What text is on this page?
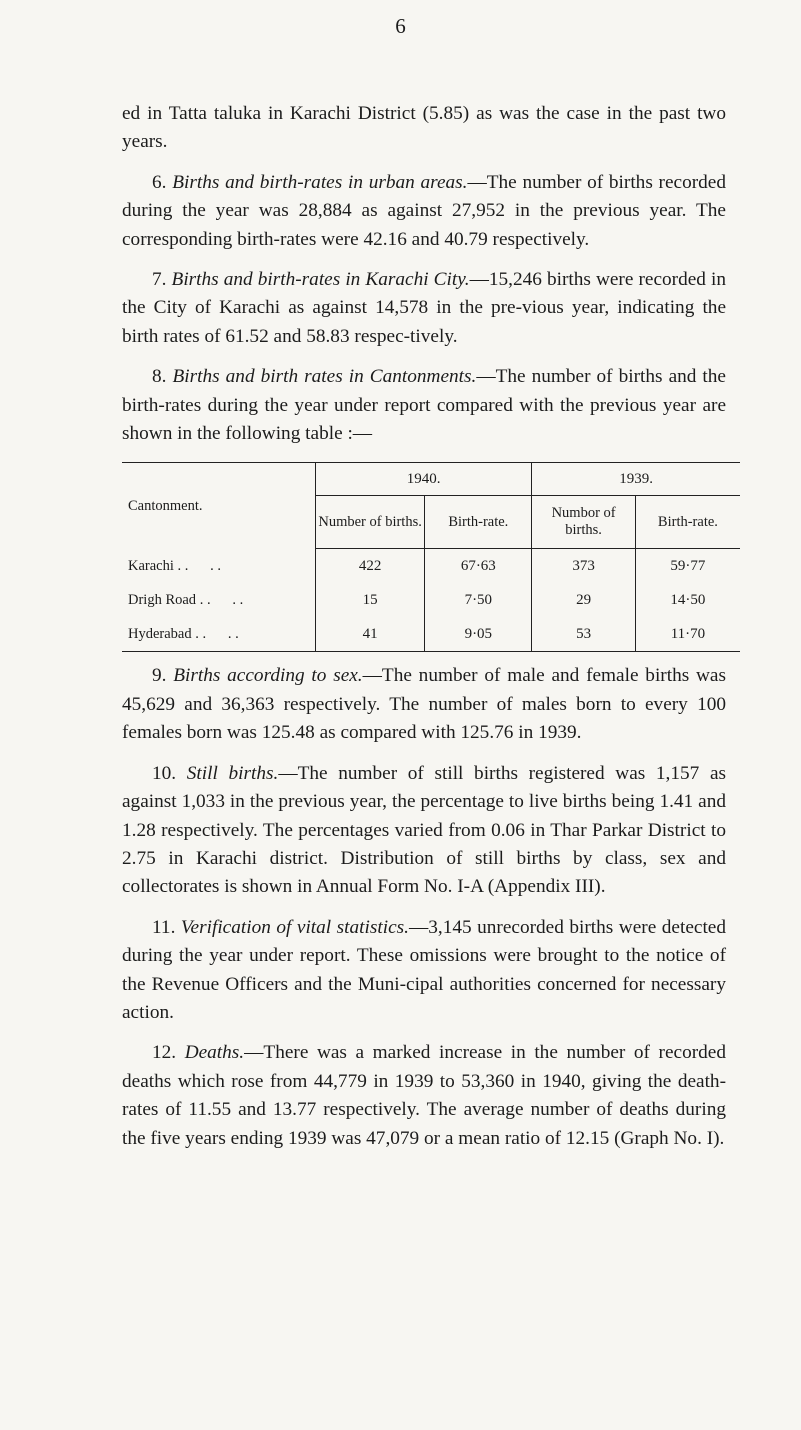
6

ed in Tatta taluka in Karachi District (5.85) as was the case in the past two years.

6. Births and birth-rates in urban areas.—The number of births recorded during the year was 28,884 as against 27,952 in the previous year. The corresponding birth-rates were 42.16 and 40.79 respectively.

7. Births and birth-rates in Karachi City.—15,246 births were recorded in the City of Karachi as against 14,578 in the pre-vious year, indicating the birth rates of 61.52 and 58.83 respec-tively.

8. Births and birth rates in Cantonments.—The number of births and the birth-rates during the year under report compared with the previous year are shown in the following table :—

Cantonment.	1940.		1939.	
	Number of births.	Birth-rate.	Numbor of births.	Birth-rate.
Karachi . .      . .	422	67·63	373	59·77
Drigh Road . .      . .	15	7·50	29	14·50
Hyderabad . .      . .	41	9·05	53	11·70

9. Births according to sex.—The number of male and female births was 45,629 and 36,363 respectively. The number of males born to every 100 females born was 125.48 as compared with 125.76 in 1939.

10. Still births.—The number of still births registered was 1,157 as against 1,033 in the previous year, the percentage to live births being 1.41 and 1.28 respectively. The percentages varied from 0.06 in Thar Parkar District to 2.75 in Karachi district. Distribution of still births by class, sex and collectorates is shown in Annual Form No. I-A (Appendix III).

11. Verification of vital statistics.—3,145 unrecorded births were detected during the year under report. These omissions were brought to the notice of the Revenue Officers and the Muni-cipal authorities concerned for necessary action.

12. Deaths.—There was a marked increase in the number of recorded deaths which rose from 44,779 in 1939 to 53,360 in 1940, giving the death-rates of 11.55 and 13.77 respectively. The average number of deaths during the five years ending 1939 was 47,079 or a mean ratio of 12.15 (Graph No. I).
